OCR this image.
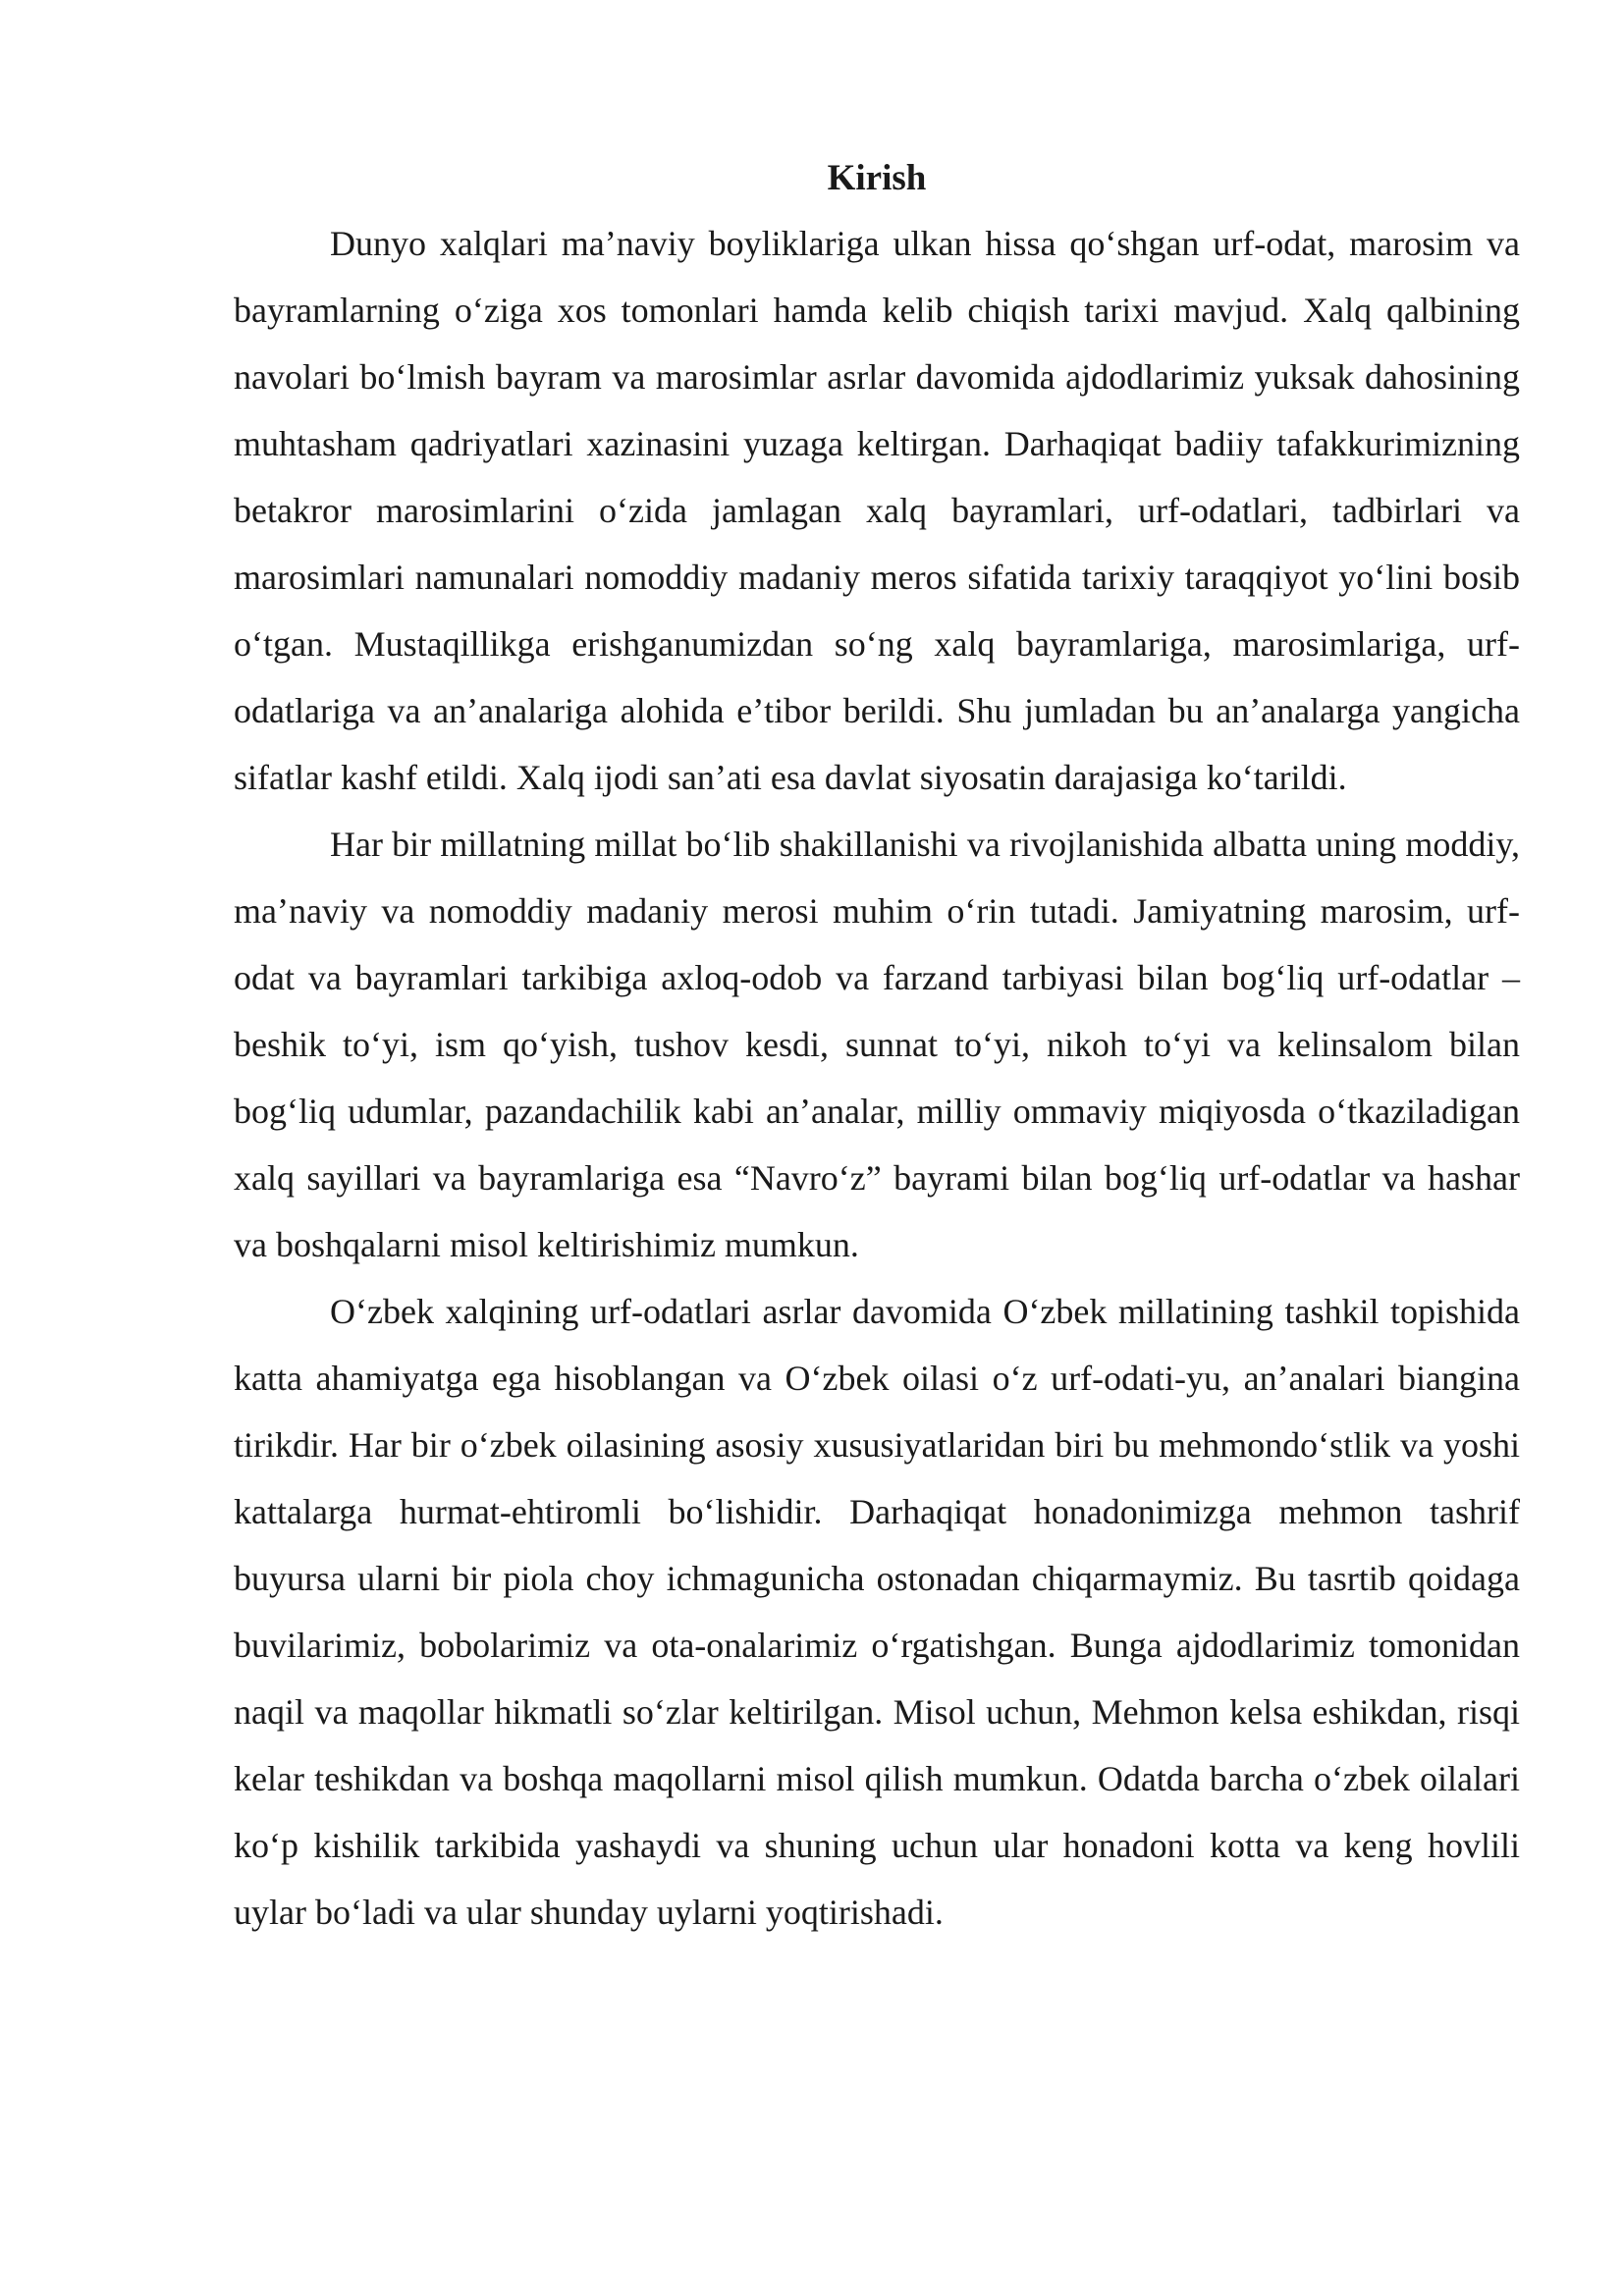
Kirish

Dunyo xalqlari maʼnaviy boyliklariga ulkan hissa qoʻshgan urf-odat, marosim va bayramlarning oʻziga xos tomonlari hamda kelib chiqish tarixi mavjud. Xalq qalbining navolari boʻlmish bayram va marosimlar asrlar davomida ajdodlarimiz yuksak dahosining muhtasham qadriyatlari xazinasini yuzaga keltirgan. Darhaqiqat badiiy tafakkurimizning betakror marosimlarini oʻzida jamlagan xalq bayramlari, urf-odatlari, tadbirlari va marosimlari namunalari nomoddiy madaniy meros sifatida tarixiy taraqqiyot yoʻlini bosib oʻtgan. Mustaqillikga erishganumizdan soʻng xalq bayramlariga, marosimlariga, urf-odatlariga va anʼanalariga alohida eʼtibor berildi. Shu jumladan bu anʼanalarga yangicha sifatlar kashf etildi. Xalq ijodi sanʼati esa davlat siyosatin darajasiga koʻtarildi.

Har bir millatning millat boʻlib shakillanishi va rivojlanishida albatta uning moddiy, maʼnaviy va nomoddiy madaniy merosi muhim oʻrin tutadi. Jamiyatning marosim, urf-odat va bayramlari tarkibiga axloq-odob va farzand tarbiyasi bilan bogʻliq urf-odatlar – beshik toʻyi, ism qoʻyish, tushov kesdi, sunnat toʻyi, nikoh toʻyi va kelinsalom bilan bogʻliq udumlar, pazandachilik kabi anʼanalar, milliy ommaviy miqiyosda oʻtkaziladigan xalq sayillari va bayramlariga esa “Navroʻz” bayrami bilan bogʻliq urf-odatlar va hashar va boshqalarni misol keltirishimiz mumkun.

Oʻzbek xalqining urf-odatlari asrlar davomida Oʻzbek millatining tashkil topishida katta ahamiyatga ega hisoblangan va Oʻzbek oilasi oʻz urf-odati-yu, anʼanalari biangina tirikdir. Har bir oʻzbek oilasining asosiy xususiyatlaridan biri bu mehmondoʻstlik va yoshi kattalarga hurmat-ehtiromli boʻlishidir. Darhaqiqat honadonimizga mehmon tashrif buyursa ularni bir piola choy ichmagunicha ostonadan chiqarmaymiz. Bu tasrtib qoidaga buvilarimiz, bobolarimiz va ota-onalarimiz oʻrgatishgan. Bunga ajdodlarimiz tomonidan naqil va maqollar hikmatli soʻzlar keltirilgan. Misol uchun, Mehmon kelsa eshikdan, risqi kelar teshikdan va boshqa maqollarni misol qilish mumkun. Odatda barcha oʻzbek oilalari koʻp kishilik tarkibida yashaydi va shuning uchun ular honadoni kotta va keng hovlili uylar boʻladi va ular shunday uylarni yoqtirishadi.
